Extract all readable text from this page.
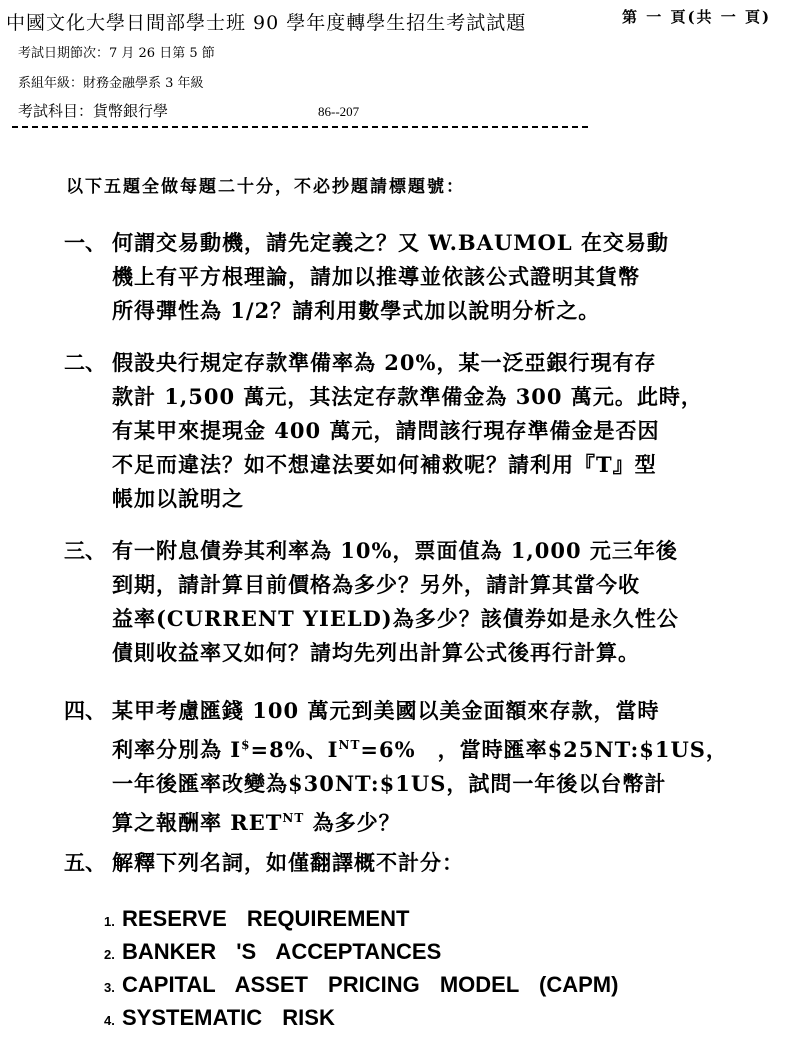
中國文化大學日間部學士班 90 學年度轉學生招生考試試題	第 一 頁(共 一 頁)
考試日期節次：7 月 26 日第 5 節
系組年級：財務金融學系 3 年級
考試科目：貨幣銀行學	86--207
以下五題全做每題二十分，不必抄題請標題號：
一、 何謂交易動機，請先定義之？又 W.BAUMOL 在交易動
機上有平方根理論，請加以推導並依該公式證明其貨幣
所得彈性為 1/2？請利用數學式加以說明分析之。
二、 假設央行規定存款準備率為 20%，某一泛亞銀行現有存
款計 1,500 萬元，其法定存款準備金為 300 萬元。此時，
有某甲來提現金 400 萬元，請問該行現存準備金是否因
不足而違法？如不想違法要如何補救呢？請利用『T』型
帳加以說明之
三、 有一附息債券其利率為 10%，票面值為 1,000 元三年後
到期，請計算目前價格為多少？另外，請計算其當今收
益率(CURRENT YIELD)為多少？該債券如是永久性公
債則收益率又如何？請均先列出計算公式後再行計算。
四、 某甲考慮匯錢 100 萬元到美國以美金面額來存款，當時
利率分別為 I$=8%、$I^{NT}=6\%$　，當時匯率$25NT:$1US，
一年後匯率改變為$30NT:$1US，試問一年後以台幣計
算之報酬率 $RET^{NT}$ 為多少？
五、 解釋下列名詞，如僅翻譯概不計分：
1. RESERVE REQUIREMENT
2. BANKER 'S ACCEPTANCES
3. CAPITAL ASSET PRICING MODEL (CAPM)
4. SYSTEMATIC RISK
